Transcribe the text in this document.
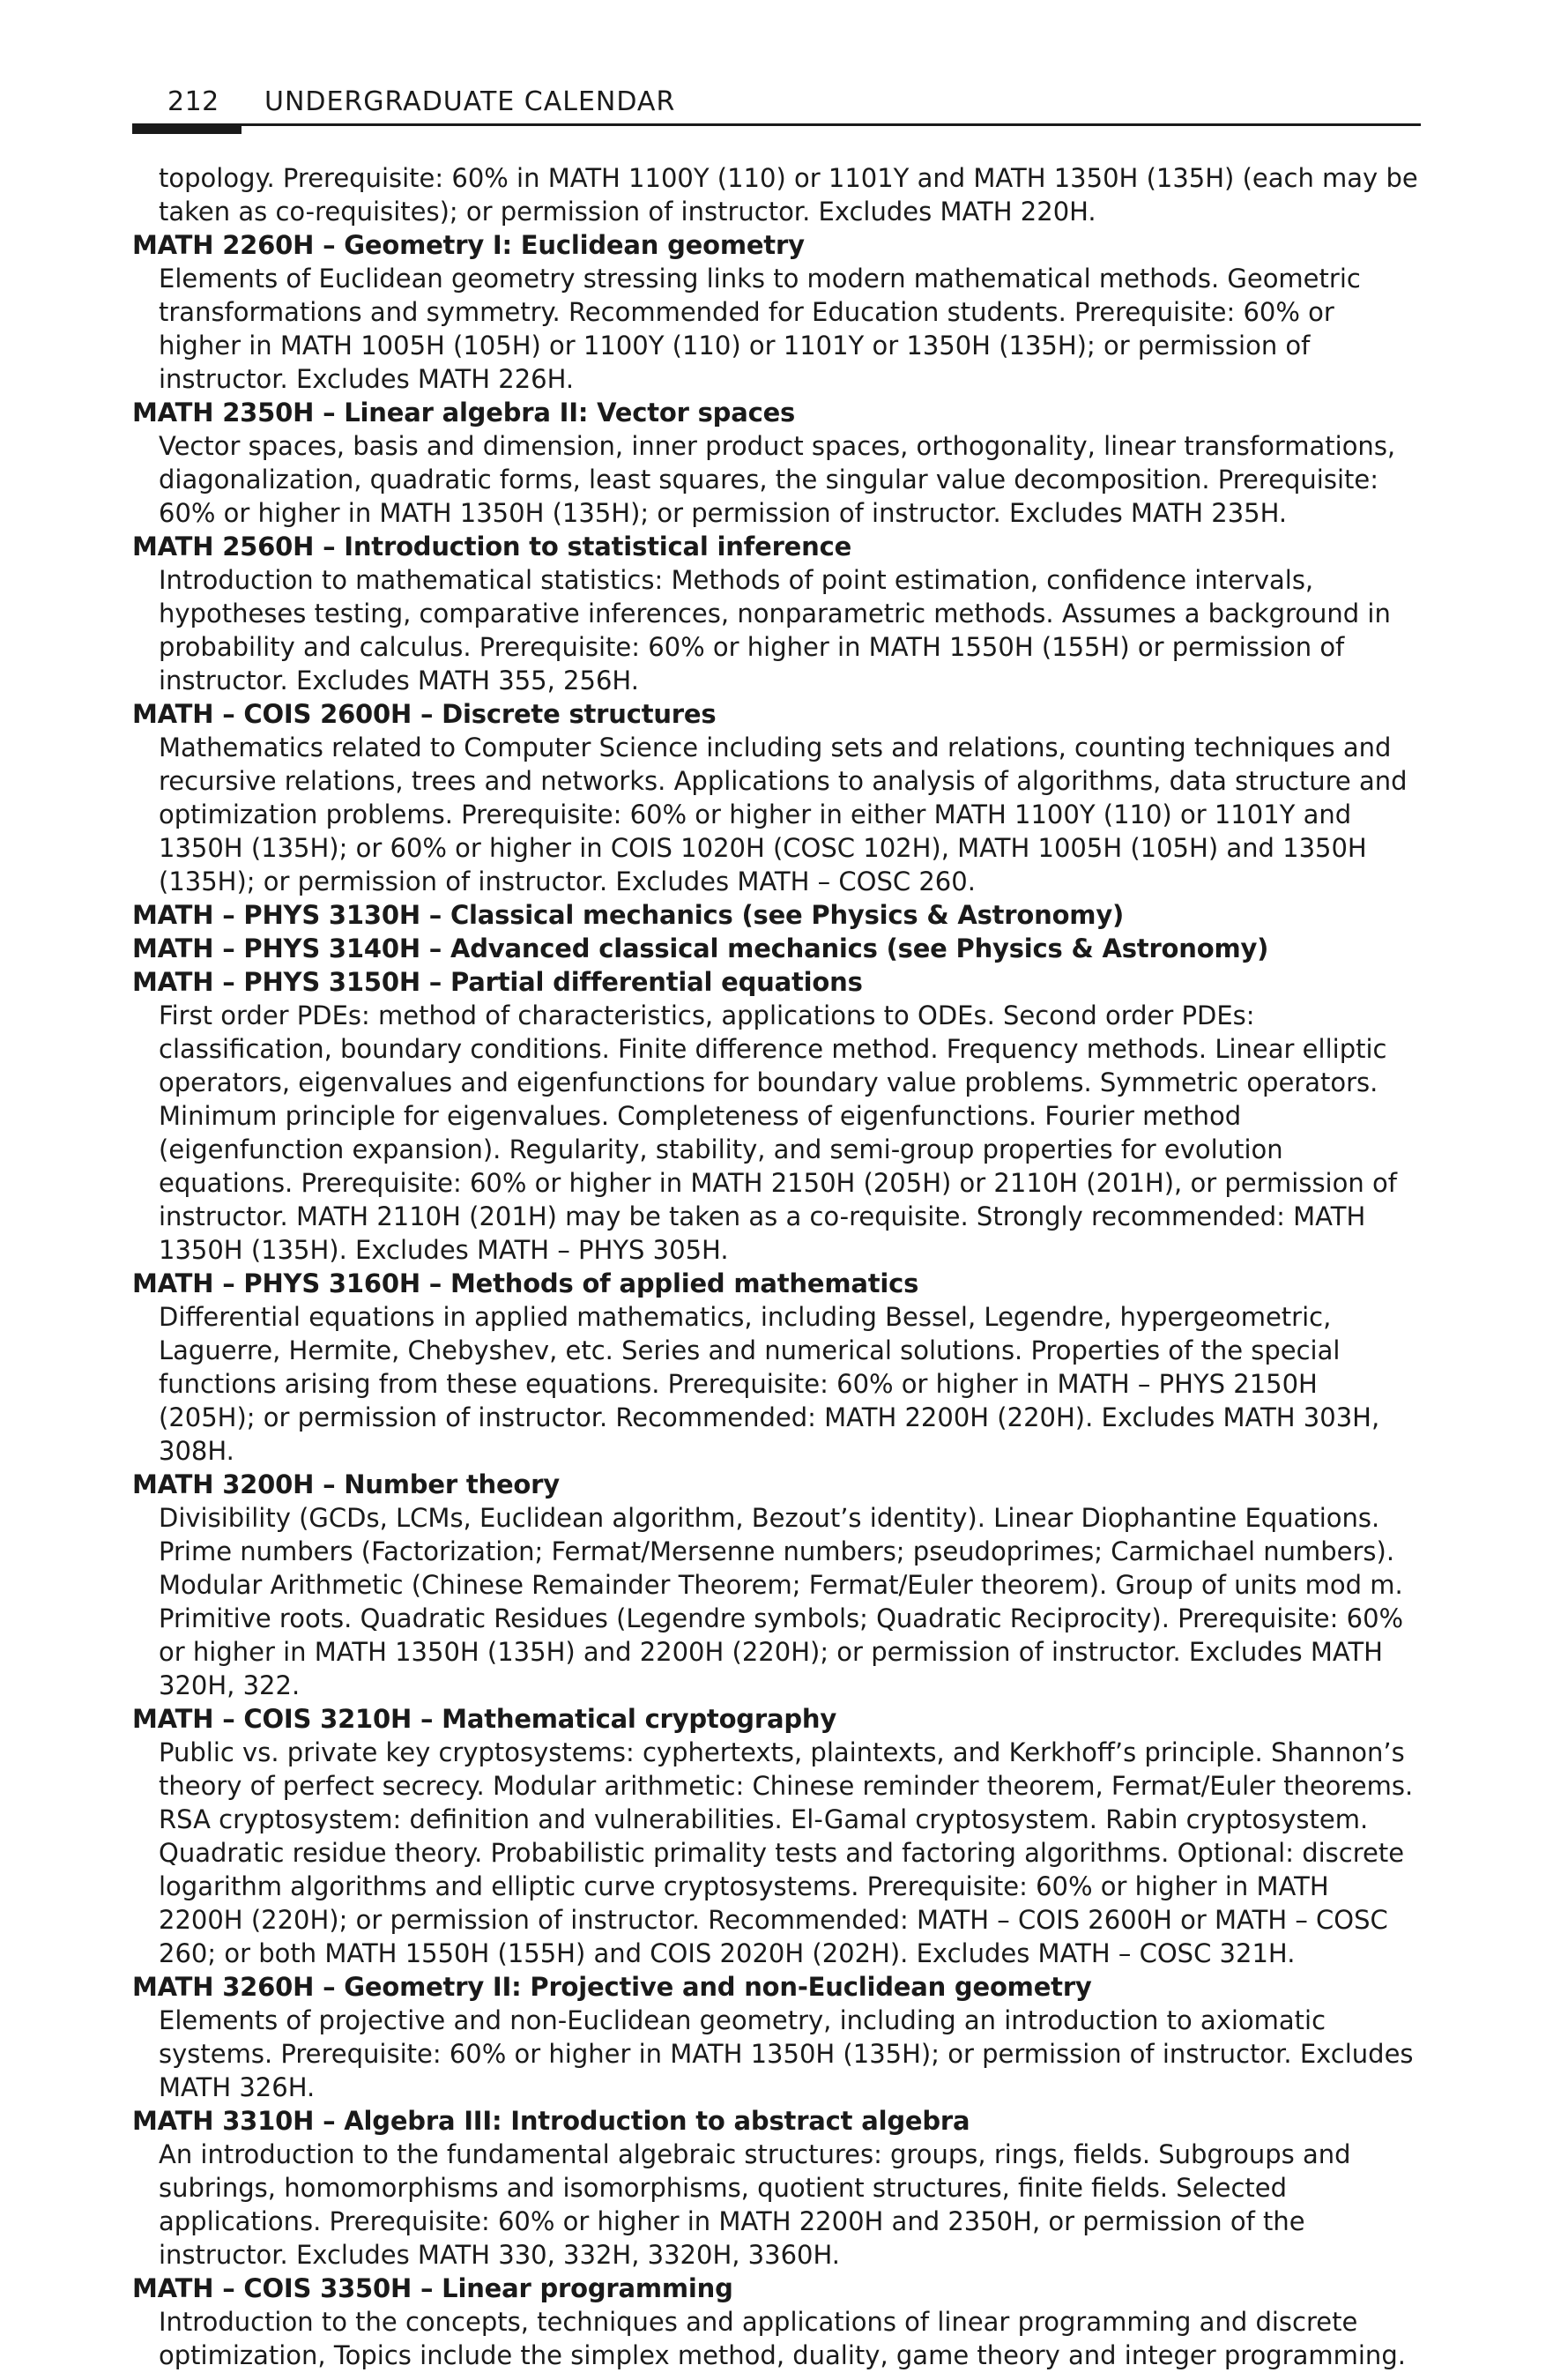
212 UNDERGRADUATE CALENDAR

topology. Prerequisite: 60% in MATH 1100Y (110) or 1101Y and MATH 1350H (135H) (each may be taken as co-requisites); or permission of instructor. Excludes MATH 220H.

MATH 2260H – Geometry I: Euclidean geometry

Elements of Euclidean geometry stressing links to modern mathematical methods. Geometric transformations and symmetry. Recommended for Education students. Prerequisite: 60% or higher in MATH 1005H (105H) or 1100Y (110) or 1101Y or 1350H (135H); or permission of instructor. Excludes MATH 226H.

MATH 2350H – Linear algebra II: Vector spaces

Vector spaces, basis and dimension, inner product spaces, orthogonality, linear transformations, diagonalization, quadratic forms, least squares, the singular value decomposition. Prerequisite: 60% or higher in MATH 1350H (135H); or permission of instructor. Excludes MATH 235H.

MATH 2560H – Introduction to statistical inference

Introduction to mathematical statistics: Methods of point estimation, confidence intervals, hypotheses testing, comparative inferences, nonparametric methods. Assumes a background in probability and calculus. Prerequisite: 60% or higher in MATH 1550H (155H) or permission of instructor. Excludes MATH 355, 256H.

MATH – COIS 2600H – Discrete structures

Mathematics related to Computer Science including sets and relations, counting techniques and recursive relations, trees and networks. Applications to analysis of algorithms, data structure and optimization problems. Prerequisite: 60% or higher in either MATH 1100Y (110) or 1101Y and 1350H (135H); or 60% or higher in COIS 1020H (COSC 102H), MATH 1005H (105H) and 1350H (135H); or permission of instructor. Excludes MATH – COSC 260.

MATH – PHYS 3130H – Classical mechanics (see Physics & Astronomy)

MATH – PHYS 3140H – Advanced classical mechanics (see Physics & Astronomy)

MATH – PHYS 3150H – Partial differential equations

First order PDEs: method of characteristics, applications to ODEs. Second order PDEs: classification, boundary conditions. Finite difference method. Frequency methods. Linear elliptic operators, eigenvalues and eigenfunctions for boundary value problems. Symmetric operators. Minimum principle for eigenvalues. Completeness of eigenfunctions. Fourier method (eigenfunction expansion). Regularity, stability, and semi-group properties for evolution equations. Prerequisite: 60% or higher in MATH 2150H (205H) or 2110H (201H), or permission of instructor. MATH 2110H (201H) may be taken as a co-requisite. Strongly recommended: MATH 1350H (135H). Excludes MATH – PHYS 305H.

MATH – PHYS 3160H – Methods of applied mathematics

Differential equations in applied mathematics, including Bessel, Legendre, hypergeometric, Laguerre, Hermite, Chebyshev, etc. Series and numerical solutions. Properties of the special functions arising from these equations. Prerequisite: 60% or higher in MATH – PHYS 2150H (205H); or permission of instructor. Recommended: MATH 2200H (220H). Excludes MATH 303H, 308H.

MATH 3200H – Number theory

Divisibility (GCDs, LCMs, Euclidean algorithm, Bezout’s identity). Linear Diophantine Equations. Prime numbers (Factorization; Fermat/Mersenne numbers; pseudoprimes; Carmichael numbers). Modular Arithmetic (Chinese Remainder Theorem; Fermat/Euler theorem). Group of units mod m. Primitive roots. Quadratic Residues (Legendre symbols; Quadratic Reciprocity). Prerequisite: 60% or higher in MATH 1350H (135H) and 2200H (220H); or permission of instructor. Excludes MATH 320H, 322.

MATH – COIS 3210H – Mathematical cryptography

Public vs. private key cryptosystems: cyphertexts, plaintexts, and Kerkhoff’s principle. Shannon’s theory of perfect secrecy. Modular arithmetic: Chinese reminder theorem, Fermat/Euler theorems. RSA cryptosystem: definition and vulnerabilities. El-Gamal cryptosystem. Rabin cryptosystem. Quadratic residue theory. Probabilistic primality tests and factoring algorithms. Optional: discrete logarithm algorithms and elliptic curve cryptosystems. Prerequisite: 60% or higher in MATH 2200H (220H); or permission of instructor. Recommended: MATH – COIS 2600H or MATH – COSC 260; or both MATH 1550H (155H) and COIS 2020H (202H). Excludes MATH – COSC 321H.

MATH 3260H – Geometry II: Projective and non-Euclidean geometry

Elements of projective and non-Euclidean geometry, including an introduction to axiomatic systems. Prerequisite: 60% or higher in MATH 1350H (135H); or permission of instructor. Excludes MATH 326H.

MATH 3310H – Algebra III: Introduction to abstract algebra

An introduction to the fundamental algebraic structures: groups, rings, fields. Subgroups and subrings, homomorphisms and isomorphisms, quotient structures, finite fields. Selected applications. Prerequisite: 60% or higher in MATH 2200H and 2350H, or permission of the instructor. Excludes MATH 330, 332H, 3320H, 3360H.

MATH – COIS 3350H – Linear programming

Introduction to the concepts, techniques and applications of linear programming and discrete optimization, Topics include the simplex method, duality, game theory and integer programming.
